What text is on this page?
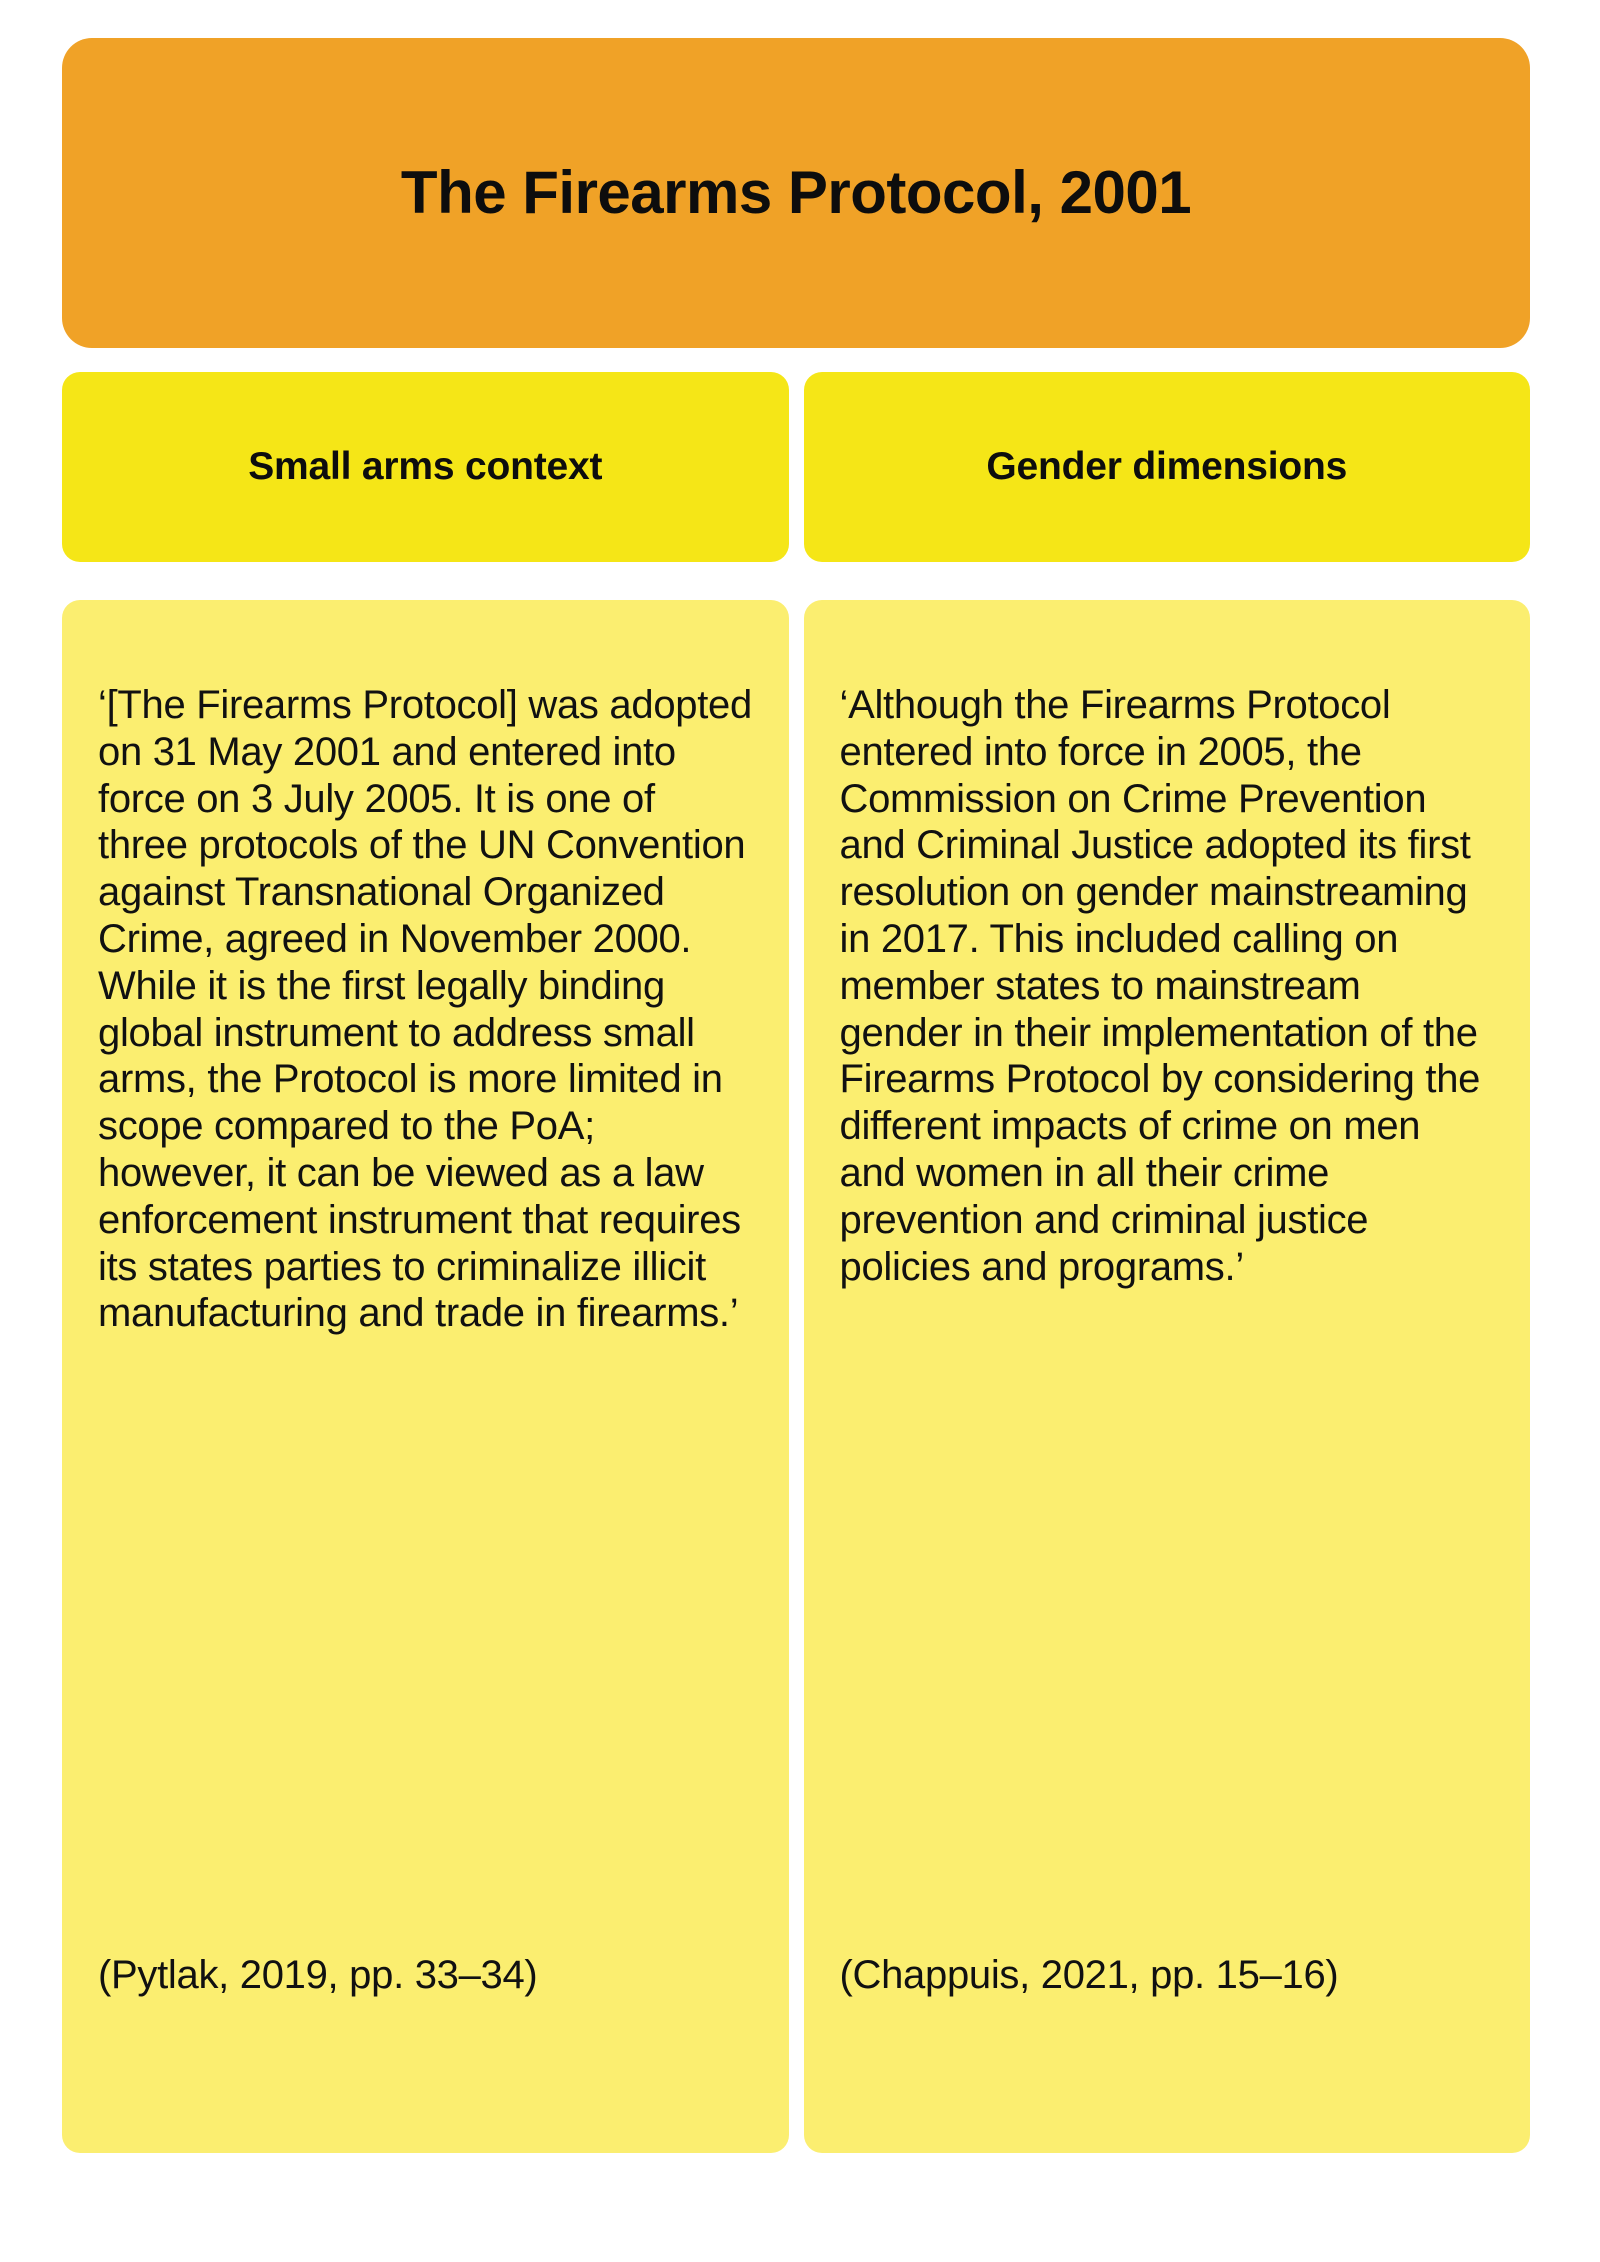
The Firearms Protocol, 2001
Small arms context	Gender dimensions
‘[The Firearms Protocol] was adopted on 31 May 2001 and entered into force on 3 July 2005. It is one of three protocols of the UN Convention against Transnational Organized Crime, agreed in November 2000. While it is the first legally binding global instrument to address small arms, the Protocol is more limited in scope compared to the PoA; however, it can be viewed as a law enforcement instrument that requires its states parties to criminalize illicit manufacturing and trade in firearms.’
(Pytlak, 2019, pp. 33–34)
‘Although the Firearms Protocol entered into force in 2005, the Commission on Crime Prevention and Criminal Justice adopted its first resolution on gender mainstreaming in 2017. This included calling on member states to mainstream gender in their implementation of the Firearms Protocol by considering the different impacts of crime on men and women in all their crime prevention and criminal justice policies and programs.’
(Chappuis, 2021, pp. 15–16)
